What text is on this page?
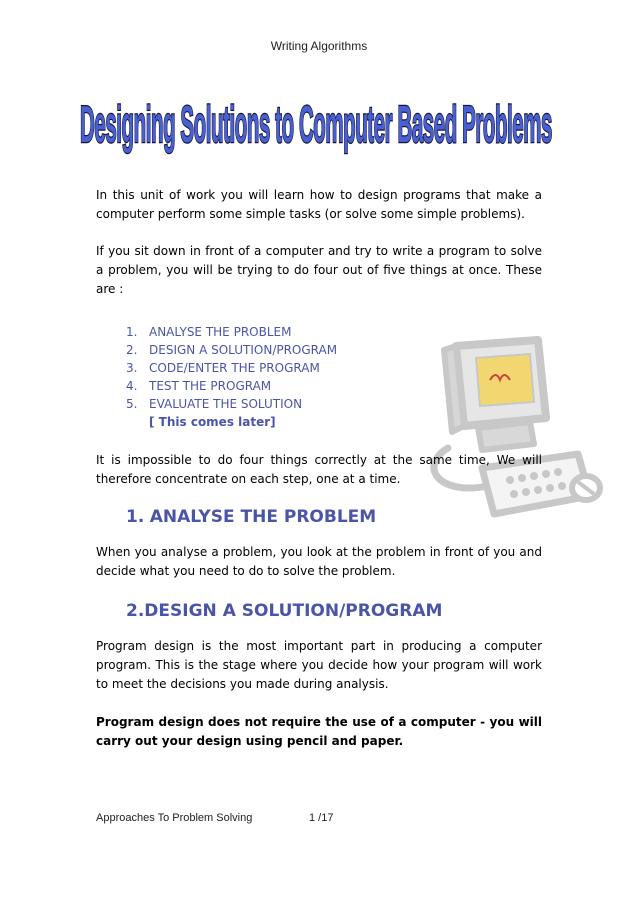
Writing Algorithms
Designing Solutions to Computer Based Problems

In this unit of work you will learn how to design programs that make a computer perform some simple tasks (or solve some simple problems).

If you sit down in front of a computer and try to write a program to solve a problem, you will be trying to do four out of five things at once. These are :

1. ANALYSE THE PROBLEM
2. DESIGN A SOLUTION/PROGRAM
3. CODE/ENTER THE PROGRAM
4. TEST THE PROGRAM
5. EVALUATE THE SOLUTION
[ This comes later]

It is impossible to do four things correctly at the same time, We will therefore concentrate on each step, one at a time.

1. ANALYSE THE PROBLEM

When you analyse a problem, you look at the problem in front of you and decide what you need to do to solve the problem.

2.DESIGN A SOLUTION/PROGRAM

Program design is the most important part in producing a computer program. This is the stage where you decide how your program will work to meet the decisions you made during analysis.

Program design does not require the use of a computer - you will carry out your design using pencil and paper.

Approaches To Problem Solving	1 /17
